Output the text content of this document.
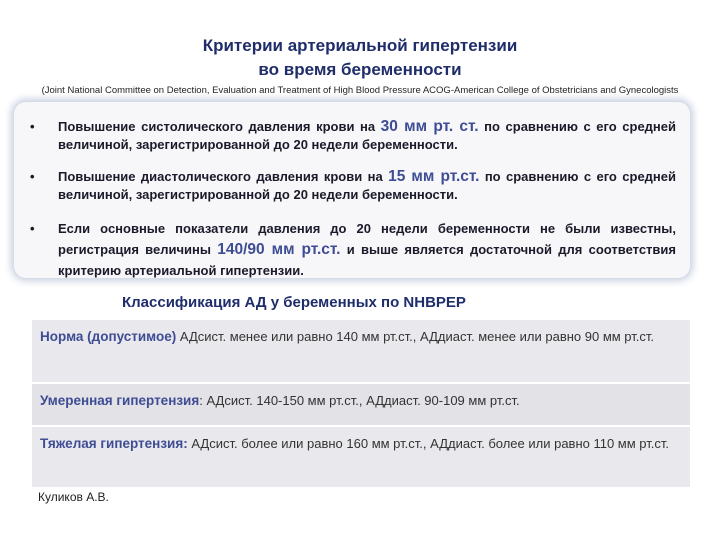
Критерии артериальной гипертензии
во время беременности
(Joint National Committee on Detection, Evaluation and Treatment of High Blood Pressure ACOG-American College of Obstetricians and Gynecologists
• Повышение систолического давления крови на 30 мм рт. ст. по сравнению с его средней величиной, зарегистрированной до 20 недели беременности.
• Повышение диастолического давления крови на 15 мм рт.ст. по сравнению с его средней величиной, зарегистрированной до 20 недели беременности.
• Если основные показатели давления до 20 недели беременности не были известны, регистрация величины 140/90 мм рт.ст. и выше является достаточной для соответствия критерию артериальной гипертензии.
Классификация АД у беременных по NHBPEP
Норма (допустимое) АДсист. менее или равно 140 мм рт.ст., АДдиаст. менее или равно 90 мм рт.ст.
Умеренная гипертензия: АДсист. 140-150 мм рт.ст., АДдиаст. 90-109 мм рт.ст.
Тяжелая гипертензия: АДсист. более или равно 160 мм рт.ст., АДдиаст. более или равно 110 мм рт.ст.
Куликов А.В.
